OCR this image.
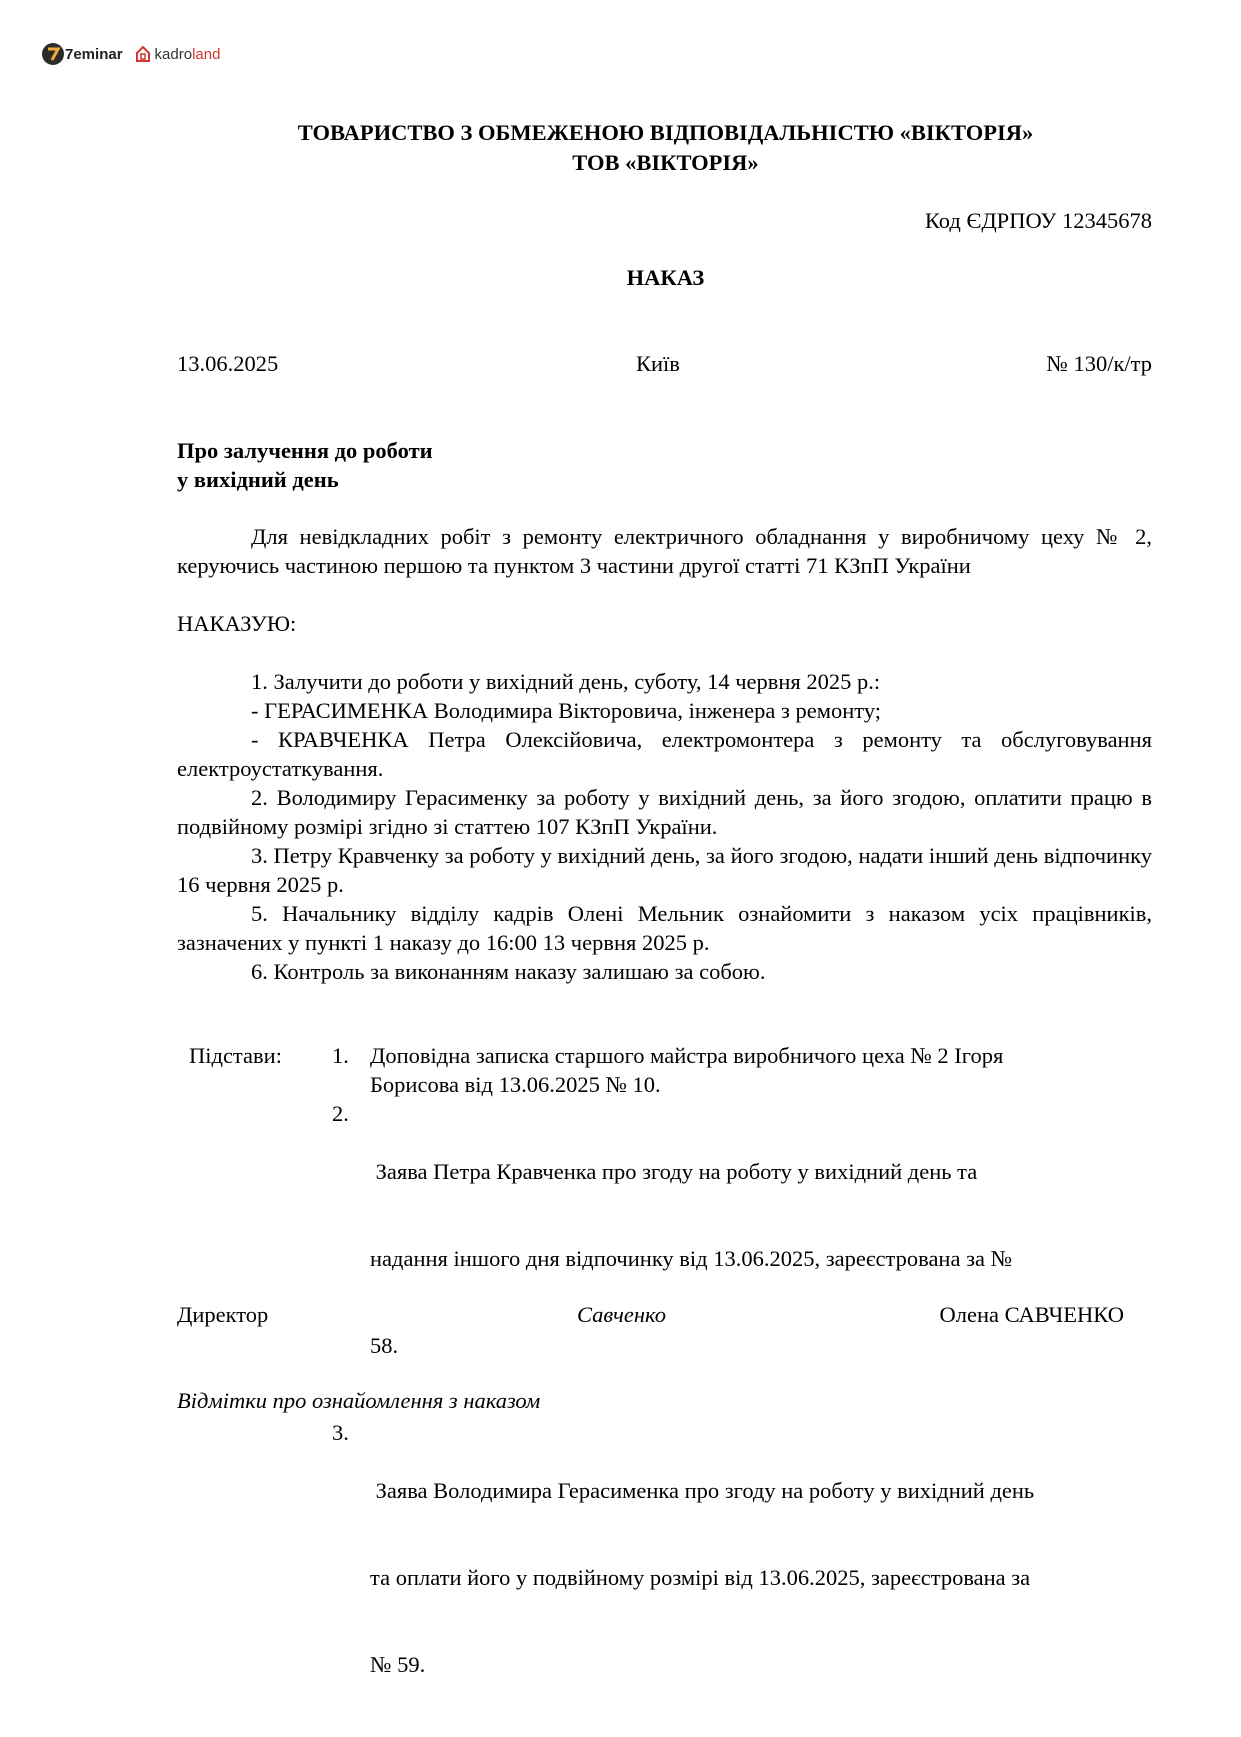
7eminar kadro land
ТОВАРИСТВО З ОБМЕЖЕНОЮ ВІДПОВІДАЛЬНІСТЮ «ВІКТОРІЯ»
ТОВ «ВІКТОРІЯ»
Код ЄДРПОУ 12345678
НАКАЗ
13.06.2025	Київ	№ 130/к/тр
Про залучення до роботи
у вихідний день
Для невідкладних робіт з ремонту електричного обладнання у виробничому цеху № 2, керуючись частиною першою та пунктом 3 частини другої статті 71 КЗпП України
НАКАЗУЮ:
1. Залучити до роботи у вихідний день, суботу, 14 червня 2025 р.:
- ГЕРАСИМЕНКА Володимира Вікторовича, інженера з ремонту;
- КРАВЧЕНКА Петра Олексійовича, електромонтера з ремонту та обслуговування електроустаткування.
2. Володимиру Герасименку за роботу у вихідний день, за його згодою, оплатити працю в подвійному розмірі згідно зі статтею 107 КЗпП України.
3. Петру Кравченку за роботу у вихідний день, за його згодою, надати інший день відпочинку 16 червня 2025 р.
5. Начальнику відділу кадрів Олені Мельник ознайомити з наказом усіх працівників, зазначених у пункті 1 наказу до 16:00 13 червня 2025 р.
6. Контроль за виконанням наказу залишаю за собою.
Підстави: 1. Доповідна записка старшого майстра виробничого цеха № 2 Ігоря
Борисова від 13.06.2025 № 10.
2.

Заява Петра Кравченка про згоду на роботу у вихідний день та

надання іншого дня відпочинку від 13.06.2025, зареєстрована за №

58.

3.

Заява Володимира Герасименка про згоду на роботу у вихідний день

та оплати його у подвійному розмірі від 13.06.2025, зареєстрована за

№ 59.

Директор	Савченко	Олена САВЧЕНКО
Відмітки про ознайомлення з наказом
